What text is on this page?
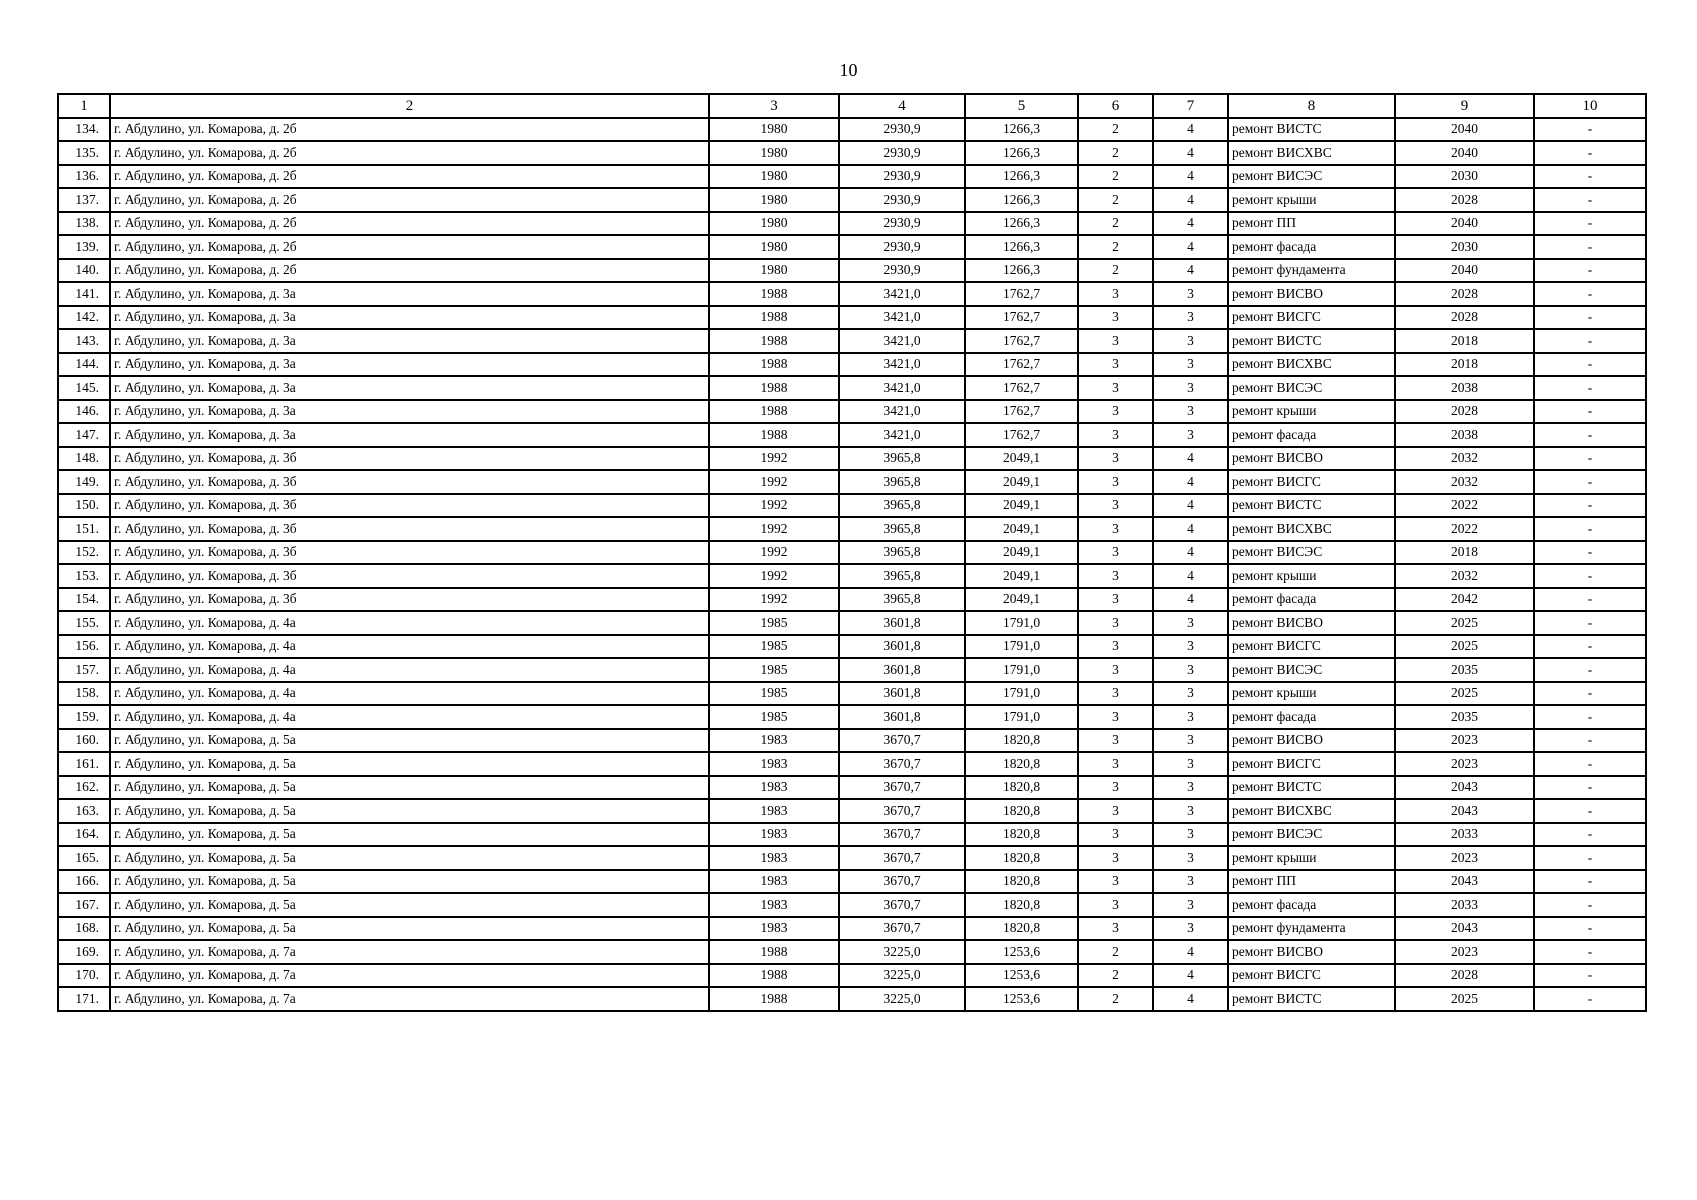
10
1	2	3	4	5	6	7	8	9	10
134.	г. Абдулино, ул. Комарова, д. 2б	1980	2930,9	1266,3	2	4	ремонт ВИСТС	2040	-
135.	г. Абдулино, ул. Комарова, д. 2б	1980	2930,9	1266,3	2	4	ремонт ВИСХВС	2040	-
136.	г. Абдулино, ул. Комарова, д. 2б	1980	2930,9	1266,3	2	4	ремонт ВИСЭС	2030	-
137.	г. Абдулино, ул. Комарова, д. 2б	1980	2930,9	1266,3	2	4	ремонт крыши	2028	-
138.	г. Абдулино, ул. Комарова, д. 2б	1980	2930,9	1266,3	2	4	ремонт ПП	2040	-
139.	г. Абдулино, ул. Комарова, д. 2б	1980	2930,9	1266,3	2	4	ремонт фасада	2030	-
140.	г. Абдулино, ул. Комарова, д. 2б	1980	2930,9	1266,3	2	4	ремонт фундамента	2040	-
141.	г. Абдулино, ул. Комарова, д. 3а	1988	3421,0	1762,7	3	3	ремонт ВИСВО	2028	-
142.	г. Абдулино, ул. Комарова, д. 3а	1988	3421,0	1762,7	3	3	ремонт ВИСГС	2028	-
143.	г. Абдулино, ул. Комарова, д. 3а	1988	3421,0	1762,7	3	3	ремонт ВИСТС	2018	-
144.	г. Абдулино, ул. Комарова, д. 3а	1988	3421,0	1762,7	3	3	ремонт ВИСХВС	2018	-
145.	г. Абдулино, ул. Комарова, д. 3а	1988	3421,0	1762,7	3	3	ремонт ВИСЭС	2038	-
146.	г. Абдулино, ул. Комарова, д. 3а	1988	3421,0	1762,7	3	3	ремонт крыши	2028	-
147.	г. Абдулино, ул. Комарова, д. 3а	1988	3421,0	1762,7	3	3	ремонт фасада	2038	-
148.	г. Абдулино, ул. Комарова, д. 3б	1992	3965,8	2049,1	3	4	ремонт ВИСВО	2032	-
149.	г. Абдулино, ул. Комарова, д. 3б	1992	3965,8	2049,1	3	4	ремонт ВИСГС	2032	-
150.	г. Абдулино, ул. Комарова, д. 3б	1992	3965,8	2049,1	3	4	ремонт ВИСТС	2022	-
151.	г. Абдулино, ул. Комарова, д. 3б	1992	3965,8	2049,1	3	4	ремонт ВИСХВС	2022	-
152.	г. Абдулино, ул. Комарова, д. 3б	1992	3965,8	2049,1	3	4	ремонт ВИСЭС	2018	-
153.	г. Абдулино, ул. Комарова, д. 3б	1992	3965,8	2049,1	3	4	ремонт крыши	2032	-
154.	г. Абдулино, ул. Комарова, д. 3б	1992	3965,8	2049,1	3	4	ремонт фасада	2042	-
155.	г. Абдулино, ул. Комарова, д. 4а	1985	3601,8	1791,0	3	3	ремонт ВИСВО	2025	-
156.	г. Абдулино, ул. Комарова, д. 4а	1985	3601,8	1791,0	3	3	ремонт ВИСГС	2025	-
157.	г. Абдулино, ул. Комарова, д. 4а	1985	3601,8	1791,0	3	3	ремонт ВИСЭС	2035	-
158.	г. Абдулино, ул. Комарова, д. 4а	1985	3601,8	1791,0	3	3	ремонт крыши	2025	-
159.	г. Абдулино, ул. Комарова, д. 4а	1985	3601,8	1791,0	3	3	ремонт фасада	2035	-
160.	г. Абдулино, ул. Комарова, д. 5а	1983	3670,7	1820,8	3	3	ремонт ВИСВО	2023	-
161.	г. Абдулино, ул. Комарова, д. 5а	1983	3670,7	1820,8	3	3	ремонт ВИСГС	2023	-
162.	г. Абдулино, ул. Комарова, д. 5а	1983	3670,7	1820,8	3	3	ремонт ВИСТС	2043	-
163.	г. Абдулино, ул. Комарова, д. 5а	1983	3670,7	1820,8	3	3	ремонт ВИСХВС	2043	-
164.	г. Абдулино, ул. Комарова, д. 5а	1983	3670,7	1820,8	3	3	ремонт ВИСЭС	2033	-
165.	г. Абдулино, ул. Комарова, д. 5а	1983	3670,7	1820,8	3	3	ремонт крыши	2023	-
166.	г. Абдулино, ул. Комарова, д. 5а	1983	3670,7	1820,8	3	3	ремонт ПП	2043	-
167.	г. Абдулино, ул. Комарова, д. 5а	1983	3670,7	1820,8	3	3	ремонт фасада	2033	-
168.	г. Абдулино, ул. Комарова, д. 5а	1983	3670,7	1820,8	3	3	ремонт фундамента	2043	-
169.	г. Абдулино, ул. Комарова, д. 7а	1988	3225,0	1253,6	2	4	ремонт ВИСВО	2023	-
170.	г. Абдулино, ул. Комарова, д. 7а	1988	3225,0	1253,6	2	4	ремонт ВИСГС	2028	-
171.	г. Абдулино, ул. Комарова, д. 7а	1988	3225,0	1253,6	2	4	ремонт ВИСТС	2025	-
